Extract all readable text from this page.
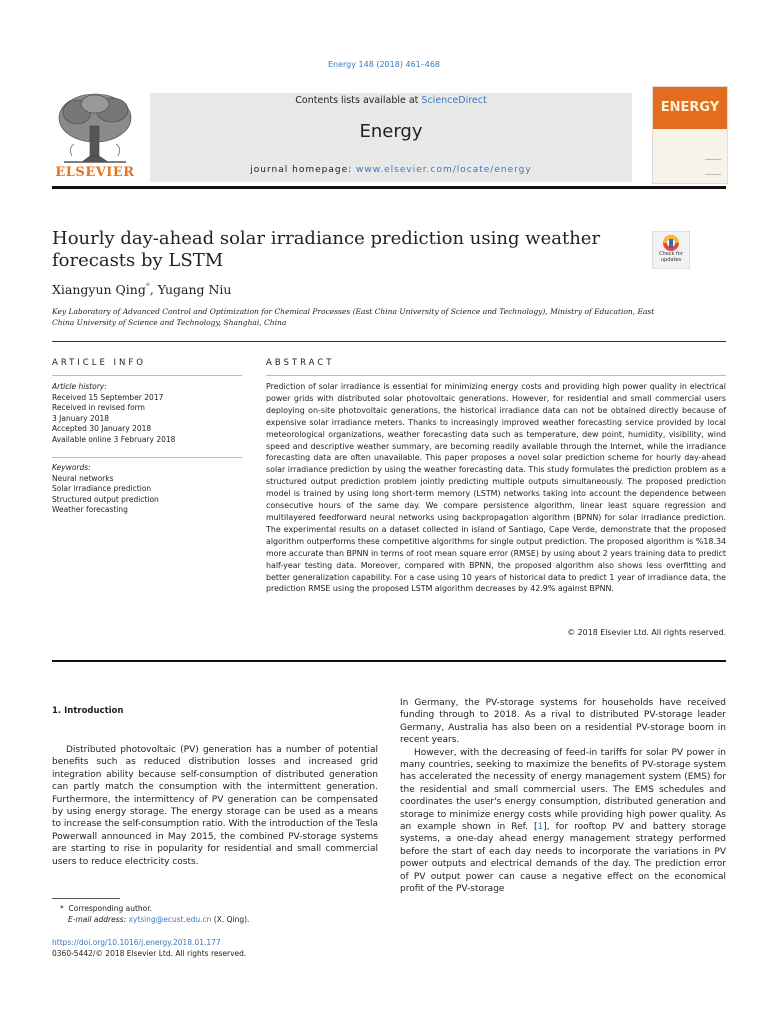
Energy 148 (2018) 461–468
ELSEVIER
Contents lists available at ScienceDirect
Energy
journal homepage: www.elsevier.com/locate/energy
ENERGY
Hourly day-ahead solar irradiance prediction using weather forecasts by LSTM	Check for updates
Xiangyun Qing*, Yugang Niu
Key Laboratory of Advanced Control and Optimization for Chemical Processes (East China University of Science and Technology), Ministry of Education, East China University of Science and Technology, Shanghai, China
ARTICLE INFO	ABSTRACT
Article history:
Received 15 September 2017
Received in revised form
3 January 2018
Accepted 30 January 2018
Available online 3 February 2018
Keywords:
Neural networks
Solar irradiance prediction
Structured output prediction
Weather forecasting
Prediction of solar irradiance is essential for minimizing energy costs and providing high power quality in electrical power grids with distributed solar photovoltaic generations. However, for residential and small commercial users deploying on-site photovoltaic generations, the historical irradiance data can not be obtained directly because of expensive solar irradiance meters. Thanks to increasingly improved weather forecasting service provided by local meteorological organizations, weather forecasting data such as temperature, dew point, humidity, visibility, wind speed and descriptive weather summary, are becoming readily available through the Internet, while the irradiance forecasting data are often unavailable. This paper proposes a novel solar prediction scheme for hourly day-ahead solar irradiance prediction by using the weather forecasting data. This study formulates the prediction problem as a structured output prediction problem jointly predicting multiple outputs simultaneously. The proposed prediction model is trained by using long short-term memory (LSTM) networks taking into account the dependence between consecutive hours of the same day. We compare persistence algorithm, linear least square regression and multilayered feedforward neural networks using backpropagation algorithm (BPNN) for solar irradiance prediction. The experimental results on a dataset collected in island of Santiago, Cape Verde, demonstrate that the proposed algorithm outperforms these competitive algorithms for single output prediction. The proposed algorithm is %18.34 more accurate than BPNN in terms of root mean square error (RMSE) by using about 2 years training data to predict half-year testing data. Moreover, compared with BPNN, the proposed algorithm also shows less overfitting and better generalization capability. For a case using 10 years of historical data to predict 1 year of irradiance data, the prediction RMSE using the proposed LSTM algorithm decreases by 42.9% against BPNN.
© 2018 Elsevier Ltd. All rights reserved.
1. Introduction
Distributed photovoltaic (PV) generation has a number of potential benefits such as reduced distribution losses and increased grid integration ability because self-consumption of distributed generation can partly match the consumption with the intermittent generation. Furthermore, the intermittency of PV generation can be compensated by using energy storage. The energy storage can be used as a means to increase the self-consumption ratio. With the introduction of the Tesla Powerwall announced in May 2015, the combined PV-storage systems are starting to rise in popularity for residential and small commercial users to reduce electricity costs.

In Germany, the PV-storage systems for households have received funding through to 2018. As a rival to distributed PV-storage leader Germany, Australia has also been on a residential PV-storage boom in recent years.

However, with the decreasing of feed-in tariffs for solar PV power in many countries, seeking to maximize the benefits of PV-storage system has accelerated the necessity of energy management system (EMS) for the residential and small commercial users. The EMS schedules and coordinates the user's energy consumption, distributed generation and storage to minimize energy costs while providing high power quality. As an example shown in Ref. [1], for rooftop PV and battery storage systems, a one-day ahead energy management strategy performed before the start of each day needs to incorporate the variations in PV power outputs and electrical demands of the day. The prediction error of PV output power can cause a negative effect on the economical profit of the PV-storage

* Corresponding author.
E-mail address: xytsing@ecust.edu.cn (X. Qing).
https://doi.org/10.1016/j.energy.2018.01.177
0360-5442/© 2018 Elsevier Ltd. All rights reserved.
